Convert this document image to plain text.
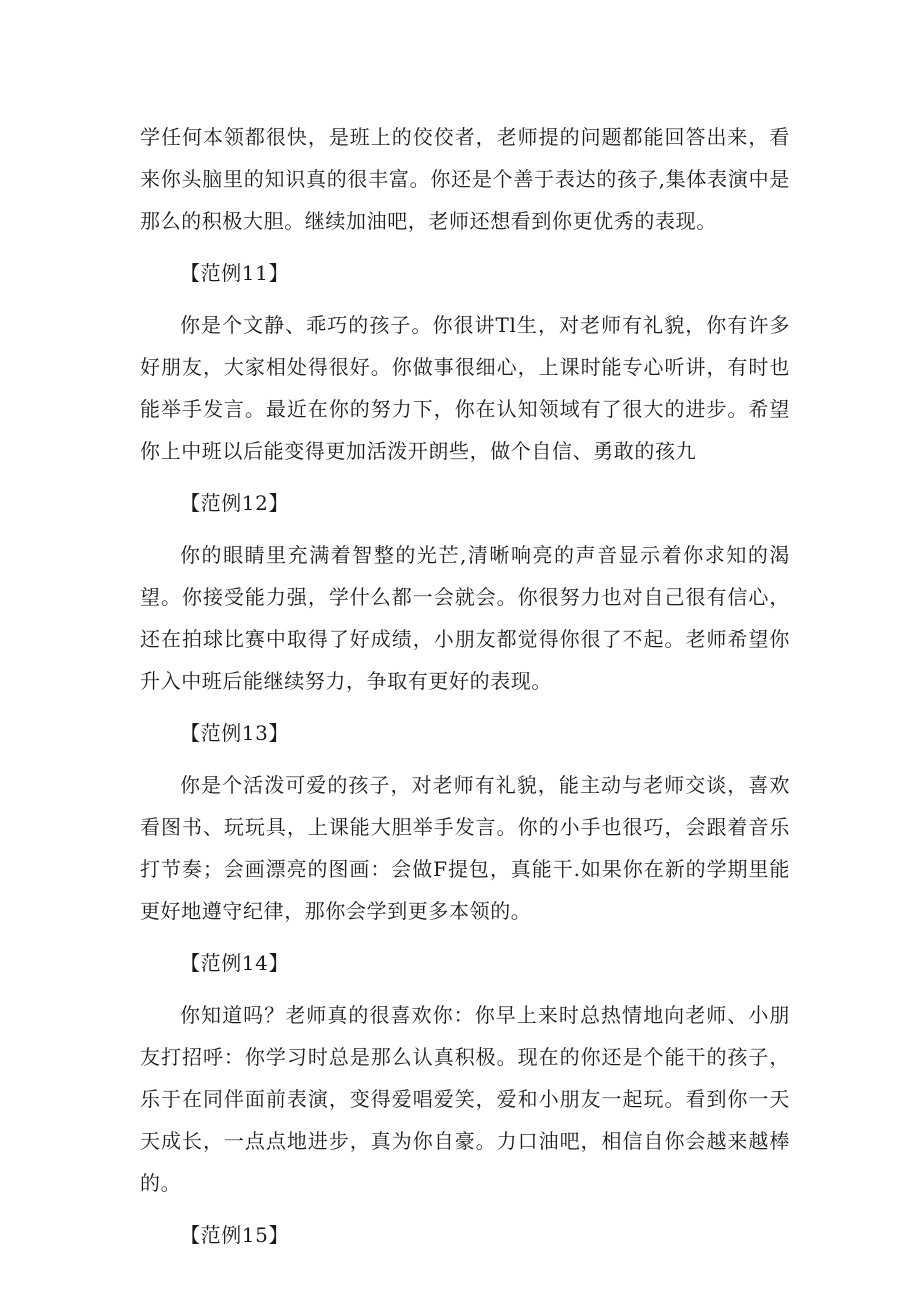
学任何本领都很快，是班上的佼佼者，老师提的问题都能回答出来，看来你头脑里的知识真的很丰富。你还是个善于表达的孩子,集体表演中是那么的积极大胆。继续加油吧，老师还想看到你更优秀的表现。

【范例11】

你是个文静、乖巧的孩子。你很讲Tl生，对老师有礼貌，你有许多好朋友，大家相处得很好。你做事很细心，上课时能专心听讲，有时也能举手发言。最近在你的努力下，你在认知领域有了很大的进步。希望你上中班以后能变得更加活泼开朗些，做个自信、勇敢的孩九

【范例12】

你的眼睛里充满着智整的光芒,清晰响亮的声音显示着你求知的渴望。你接受能力强，学什么都一会就会。你很努力也对自己很有信心，还在拍球比赛中取得了好成绩，小朋友都觉得你很了不起。老师希望你升入中班后能继续努力，争取有更好的表现。

【范例13】

你是个活泼可爱的孩子，对老师有礼貌，能主动与老师交谈，喜欢看图书、玩玩具，上课能大胆举手发言。你的小手也很巧，会跟着音乐打节奏；会画漂亮的图画：会做F提包，真能干.如果你在新的学期里能更好地遵守纪律，那你会学到更多本领的。

【范例14】

你知道吗？老师真的很喜欢你：你早上来时总热情地向老师、小朋友打招呼：你学习时总是那么认真积极。现在的你还是个能干的孩子，乐于在同伴面前表演，变得爱唱爱笑，爱和小朋友一起玩。看到你一天天成长，一点点地进步，真为你自豪。力口油吧，相信自你会越来越棒的。

【范例15】
